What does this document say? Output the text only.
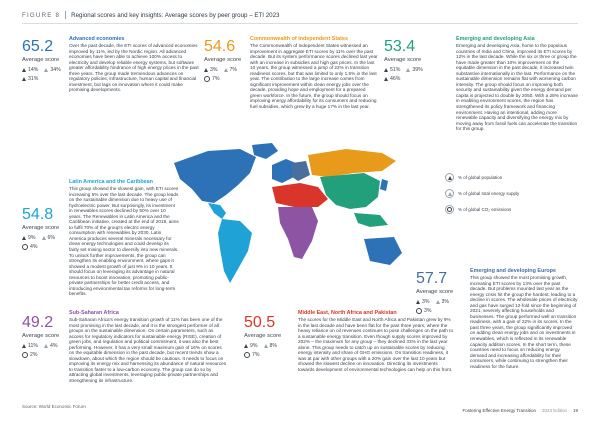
FIGURE 8 Regional scores and key insights: Average scores by peer group – ETI 2023
% of global population
% of global total energy supply
% of global CO₂ emissions
65.2
Average score
14% 34%
31%
Advanced economies
Over the past decade, the ETI scores of advanced economies improved by 11%, led by the Nordic region. All advanced economies have been able to achieve 100% access to electricity and develop reliable energy systems, but software greater affordability hindrance of high energy prices in the past three years. The group made tremendous advances on regulatory policies, infrastructure, human capital and financial investment, but lags on innovation where it could make promising developments.
54.6
Average score
3% 7%
7%
Commonwealth of Independent States
The Commonwealth of Independent States witnessed an improvement in aggregate ETI scores by 11% over the past decade. But its system performance scores declined last year with an increase in subsidies and high gas prices. In the last 10 years, the group witnessed a jump of 22% in transition readiness scores, but that was limited to only 1.5% in the last year. The contribution to the large increase comes from significant improvement within clean energy jobs over the decade, providing hope and employment for a prepared green workforce. In the future, the group should focus on improving energy affordability for its consumers and reducing fuel subsidies, which grew by a huge 17% in the last year.
53.4
Average score
51% 39%
46%
Emerging and developing Asia
Emerging and developing Asia, home to the populous countries of India and China, improved its ETI scores by 12% in the last decade. While the six or three or group the have made greater than 10% improvement on the equitable dimension in the past decade, it increased twin substantive internationally in the last. Performance on the sustainable dimension remains flat with worsening carbon intensity. The group should focus on improving both security and sustainability given the energy demand per capita is projected to double by 2050. With a 28% increase in enabling environment scores, the region has strengthened its policy framework and financing environment. Having an intentional, adding more renewable capacity and diversifying the energy mix by moving away from fossil fuels can accelerate the transition for this group.
54.8
Average score
9% 6%
4%
Latin America and the Caribbean
This group showed the slowest gain, with ETI scores increasing 5% over the last decade. The group leads on the sustainable dimension due to heavy use of hydroelectric power. But surprisingly, its investment in renewables scores declined by 50% over 10 years. The Renewables in Latin America and the Caribbean initiative, created at the end of 2019, aims to fulfil 70% of the group's electric energy consumption with renewables by 2030. Latin America produces several minerals necessary for clean energy technologies and could develop its fairly set mining sector to diversify into new minerals. To unlock further improvements, the group can strengthen its enabling environment, where gaps it showed a modest growth of just 9% in 10 years. It should focus on leveraging its advantage in natural resources to boost innovation, promoting public-private partnerships for better credit access, and introducing environmental tax reforms for long-term benefits.
57.7
Average score
3% 3%
3%
Emerging and developing Europe
This group showed the most promising growth, increasing ETI scores by 13% over the past decade. But problems mounted last year as the energy crisis hit the group the hardest, leading to a decline in scores. The wholesale prices of electricity and gas have surged 12-fold since the beginning of 2021, severely affecting households and businesses. The group performed well on transition readiness, with a gain of 22% in its scores. In the past three years, the group significantly improved on adding clean energy jobs and on investments in renewables, which is reflected in its renewable capacity addition scores. In the short term, these countries need to focus on reducing energy demand and increasing affordability for their consumers, while continuing to strengthen their readiness for the future.
49.2
Average score
11% 4%
2%
Sub-Saharan Africa
Sub-Saharan Africa's energy transition growth of 11% has been one of the most promising in the last decade, and it is the strongest performer of all groups on the sustainable dimension. On certain parameters, such as access for regulatory indicators for sustainable energy (RISE), creation of green jobs, and regulation and political commitment, it was also the best performing. However, it has a very small maximum gain of 16% on scores on the equitable dimension in the past decade, but recent trends show a slowdown, about which the region should be cautious. It needs to focus on improving its energy mix and harnessing its abundance of natural resources to transition faster to a low-carbon economy. The group can do so by attracting global investments, leveraging public-private partnerships and strengthening its infrastructure.
50.5
Average score
9% 8%
7%
Middle East, North Africa and Pakistan
The scores for the Middle East and North Africa and Pakistan grew by 9% in the last decade and have been flat for the past three years, where the heavy reliance on oil revenues continues to pose challenges on the path to a sustainable energy transition. Even though supply scores improved by 202% – the maximum for any group – they declined 33% in the last year alone. This group needs to catch up on sustainable scores by reducing energy intensity and share of GHG emissions. On transition readiness, it was at par with other groups with a 20% gain over the last 10 years but showed the slowest decline on innovation. Directing its investments towards development of environmental technologies can help on this front.
Source: World Economic Forum
Fostering Effective Energy Transition 2023 Edition 19
